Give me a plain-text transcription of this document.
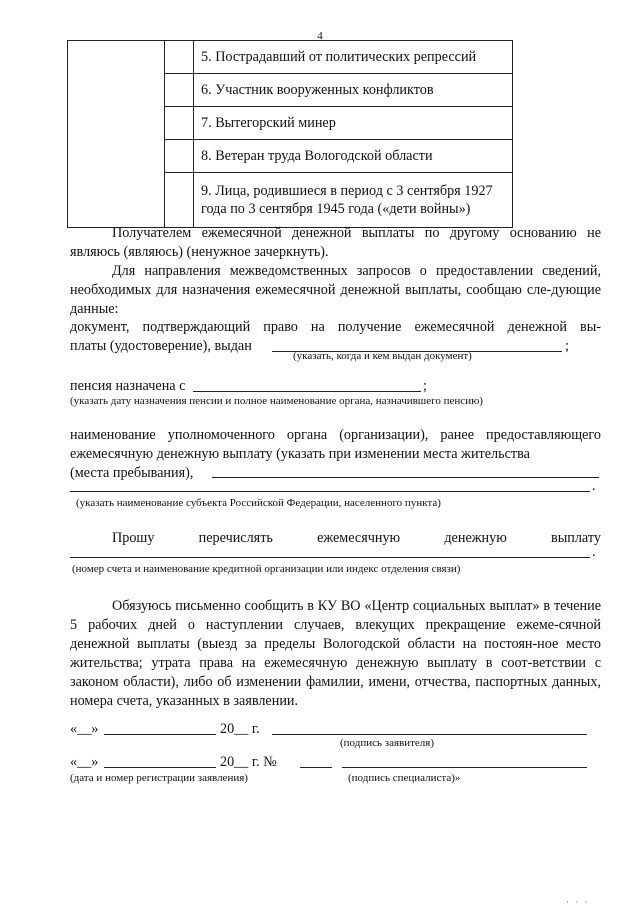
4
		5. Пострадавший от политических репрессий
		6. Участник вооруженных конфликтов
		7. Вытегорский минер
		8. Ветеран труда Вологодской области
		9. Лица, родившиеся в период с 3 сентября 1927 года по 3 сентября 1945 года («дети войны»)
Получателем ежемесячной денежной выплаты по другому основанию не являюсь (являюсь) (ненужное зачеркнуть).
Для направления межведомственных запросов о предоставлении сведений, необходимых для назначения ежемесячной денежной выплаты, сообщаю сле-дующие данные:
документ, подтверждающий право на получение ежемесячной денежной вы-
платы (удостоверение), выдан	;
(указать, когда и кем выдан документ)
пенсия назначена с	;
(указать дату назначения пенсии и полное наименование органа, назначившего пенсию)
наименование уполномоченного органа (организации), ранее предоставляющего ежемесячную денежную выплату (указать при изменении места жительства
(места пребывания),
.
(указать наименование субъекта Российской Федерации, населенного пункта)
Прошу	перечислять	ежемесячную	денежную	выплату
.
(номер счета и наименование кредитной организации или индекс отделения связи)
Обязуюсь письменно сообщить в КУ ВО «Центр социальных выплат» в течение 5 рабочих дней о наступлении случаев, влекущих прекращение ежеме-сячной денежной выплаты (выезд за пределы Вологодской области на постоян-ное место жительства; утрата права на ежемесячную денежную выплату в соот-ветствии с законом области), либо об изменении фамилии, имени, отчества, паспортных данных, номера счета, указанных в заявлении.
«__»	20__ г.
(подпись заявителя)
«__»	20__ г. №
(дата и номер регистрации заявления)	(подпись специалиста)»
· · ·
